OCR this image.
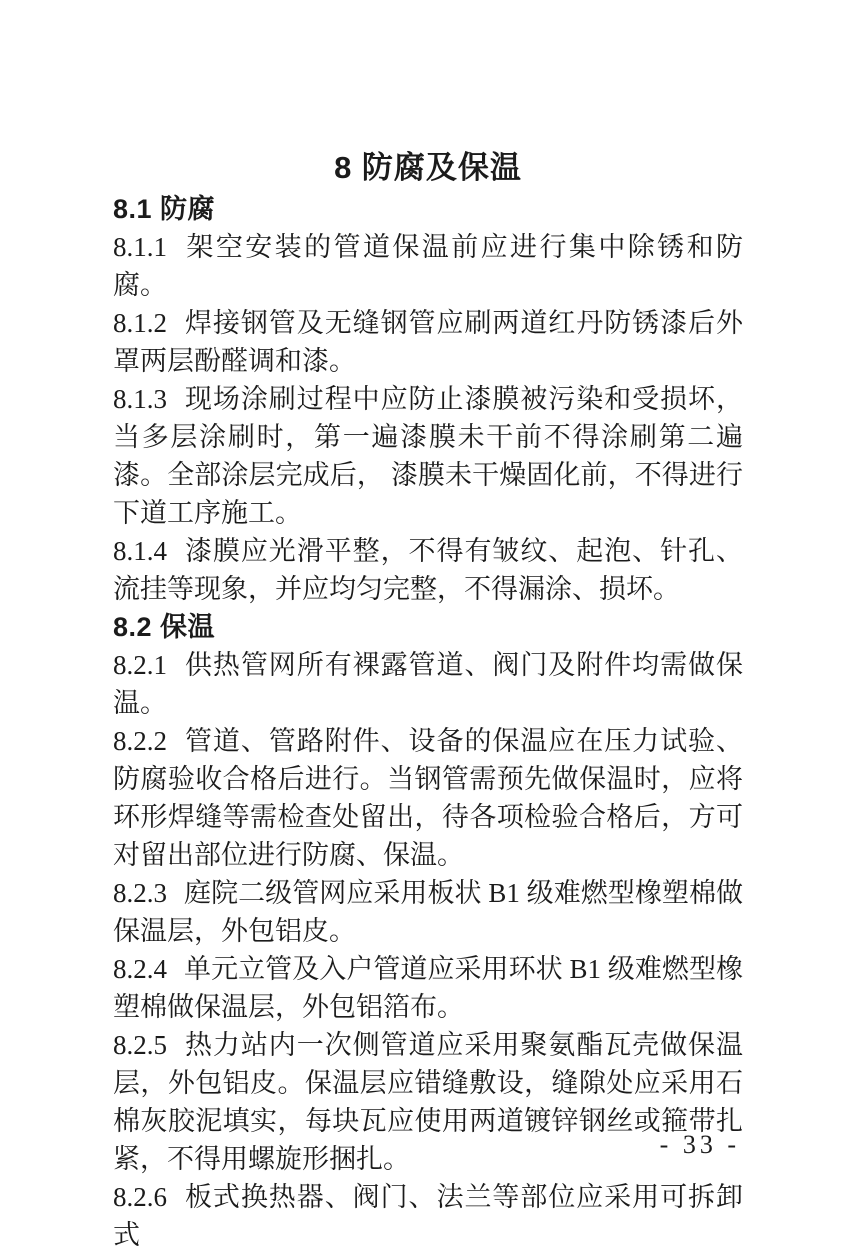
8 防腐及保温
8.1 防腐

8.1.1 架空安装的管道保温前应进行集中除锈和防腐。

8.1.2 焊接钢管及无缝钢管应刷两道红丹防锈漆后外罩两层酚醛调和漆。

8.1.3 现场涂刷过程中应防止漆膜被污染和受损坏，当多层涂刷时，第一遍漆膜未干前不得涂刷第二遍漆。全部涂层完成后， 漆膜未干燥固化前，不得进行下道工序施工。

8.1.4 漆膜应光滑平整，不得有皱纹、起泡、针孔、流挂等现象，并应均匀完整，不得漏涂、损坏。

8.2 保温

8.2.1 供热管网所有裸露管道、阀门及附件均需做保温。

8.2.2 管道、管路附件、设备的保温应在压力试验、防腐验收合格后进行。当钢管需预先做保温时，应将环形焊缝等需检查处留出，待各项检验合格后，方可对留出部位进行防腐、保温。

8.2.3 庭院二级管网应采用板状 B1 级难燃型橡塑棉做保温层，外包铝皮。

8.2.4 单元立管及入户管道应采用环状 B1 级难燃型橡塑棉做保温层，外包铝箔布。

8.2.5 热力站内一次侧管道应采用聚氨酯瓦壳做保温层，外包铝皮。保温层应错缝敷设，缝隙处应采用石棉灰胶泥填实，每块瓦应使用两道镀锌钢丝或箍带扎紧，不得用螺旋形捆扎。

8.2.6 板式换热器、阀门、法兰等部位应采用可拆卸式

- 33 -
